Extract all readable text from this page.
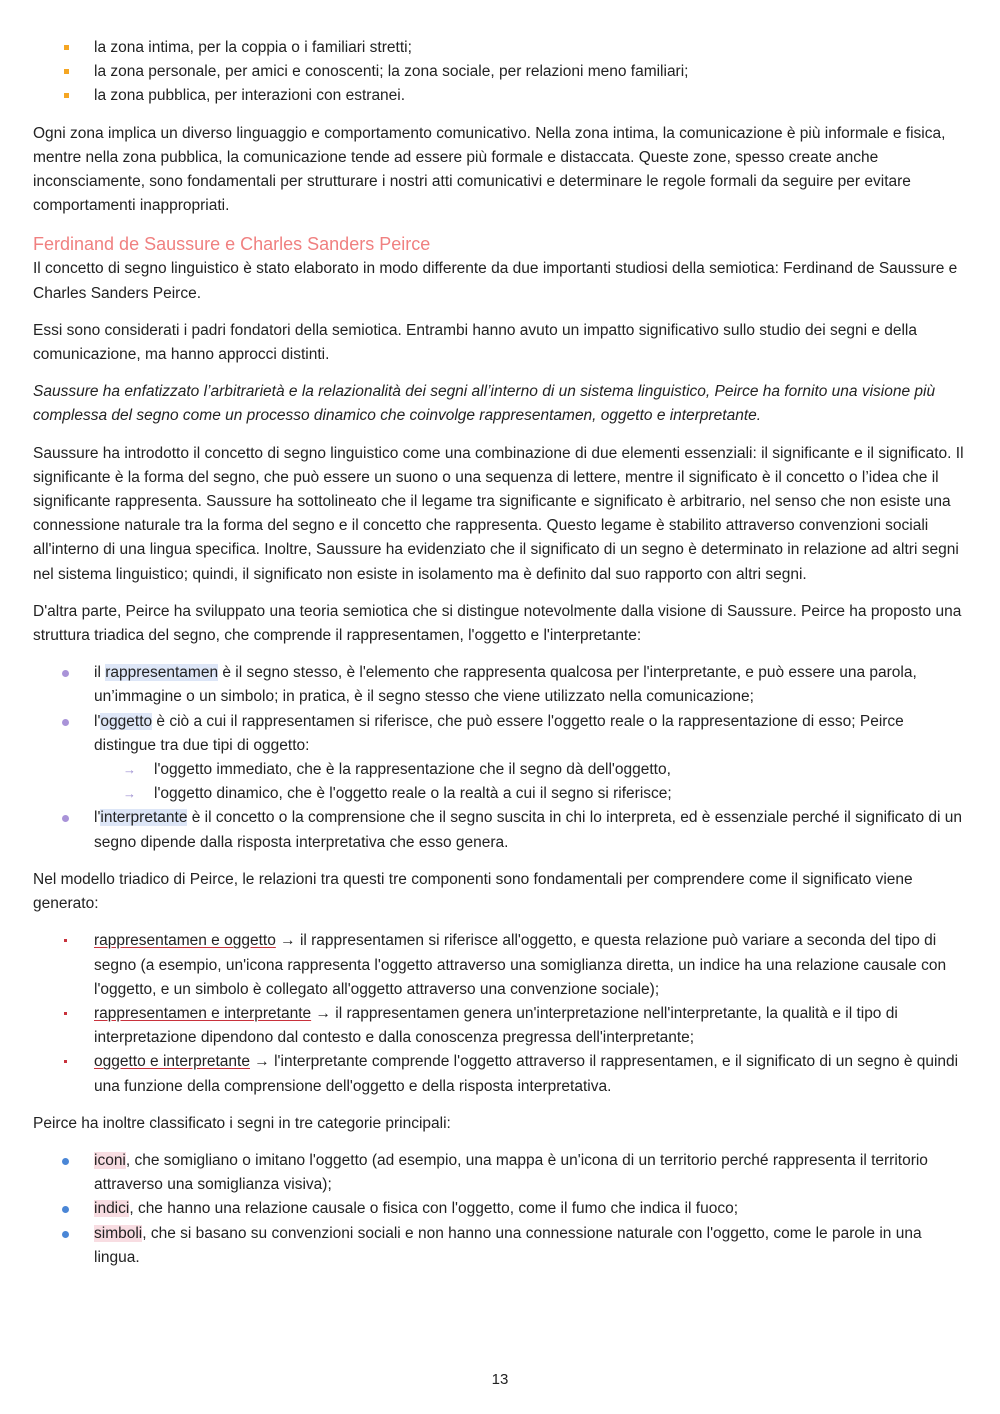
la zona intima, per la coppia o i familiari stretti;
la zona personale, per amici e conoscenti; la zona sociale, per relazioni meno familiari;
la zona pubblica, per interazioni con estranei.

Ogni zona implica un diverso linguaggio e comportamento comunicativo. Nella zona intima, la comunicazione è più informale e fisica, mentre nella zona pubblica, la comunicazione tende ad essere più formale e distaccata. Queste zone, spesso create anche inconsciamente, sono fondamentali per strutturare i nostri atti comunicativi e determinare le regole formali da seguire per evitare comportamenti inappropriati.

Ferdinand de Saussure e Charles Sanders Peirce

Il concetto di segno linguistico è stato elaborato in modo differente da due importanti studiosi della semiotica: Ferdinand de Saussure e Charles Sanders Peirce.

Essi sono considerati i padri fondatori della semiotica. Entrambi hanno avuto un impatto significativo sullo studio dei segni e della comunicazione, ma hanno approcci distinti.

Saussure ha enfatizzato l’arbitrarietà e la relazionalità dei segni all’interno di un sistema linguistico, Peirce ha fornito una visione più complessa del segno come un processo dinamico che coinvolge rappresentamen, oggetto e interpretante.

Saussure ha introdotto il concetto di segno linguistico come una combinazione di due elementi essenziali: il significante e il significato. Il significante è la forma del segno, che può essere un suono o una sequenza di lettere, mentre il significato è il concetto o l’idea che il significante rappresenta. Saussure ha sottolineato che il legame tra significante e significato è arbitrario, nel senso che non esiste una connessione naturale tra la forma del segno e il concetto che rappresenta. Questo legame è stabilito attraverso convenzioni sociali all'interno di una lingua specifica. Inoltre, Saussure ha evidenziato che il significato di un segno è determinato in relazione ad altri segni nel sistema linguistico; quindi, il significato non esiste in isolamento ma è definito dal suo rapporto con altri segni.

D'altra parte, Peirce ha sviluppato una teoria semiotica che si distingue notevolmente dalla visione di Saussure. Peirce ha proposto una struttura triadica del segno, che comprende il rappresentamen, l'oggetto e l'interpretante:

il rappresentamen è il segno stesso, è l'elemento che rappresenta qualcosa per l'interpretante, e può essere una parola, un’immagine o un simbolo; in pratica, è il segno stesso che viene utilizzato nella comunicazione;
l'oggetto è ciò a cui il rappresentamen si riferisce, che può essere l'oggetto reale o la rappresentazione di esso; Peirce distingue tra due tipi di oggetto:
→ l'oggetto immediato, che è la rappresentazione che il segno dà dell'oggetto,
→ l'oggetto dinamico, che è l'oggetto reale o la realtà a cui il segno si riferisce;
l'interpretante è il concetto o la comprensione che il segno suscita in chi lo interpreta, ed è essenziale perché il significato di un segno dipende dalla risposta interpretativa che esso genera.

Nel modello triadico di Peirce, le relazioni tra questi tre componenti sono fondamentali per comprendere come il significato viene generato:

rappresentamen e oggetto → il rappresentamen si riferisce all'oggetto, e questa relazione può variare a seconda del tipo di segno (a esempio, un'icona rappresenta l'oggetto attraverso una somiglianza diretta, un indice ha una relazione causale con l'oggetto, e un simbolo è collegato all'oggetto attraverso una convenzione sociale);
rappresentamen e interpretante → il rappresentamen genera un'interpretazione nell'interpretante, la qualità e il tipo di interpretazione dipendono dal contesto e dalla conoscenza pregressa dell'interpretante;
oggetto e interpretante → l'interpretante comprende l'oggetto attraverso il rappresentamen, e il significato di un segno è quindi una funzione della comprensione dell'oggetto e della risposta interpretativa.

Peirce ha inoltre classificato i segni in tre categorie principali:

iconi, che somigliano o imitano l'oggetto (ad esempio, una mappa è un'icona di un territorio perché rappresenta il territorio attraverso una somiglianza visiva);
indici, che hanno una relazione causale o fisica con l'oggetto, come il fumo che indica il fuoco;
simboli, che si basano su convenzioni sociali e non hanno una connessione naturale con l'oggetto, come le parole in una lingua.
13
